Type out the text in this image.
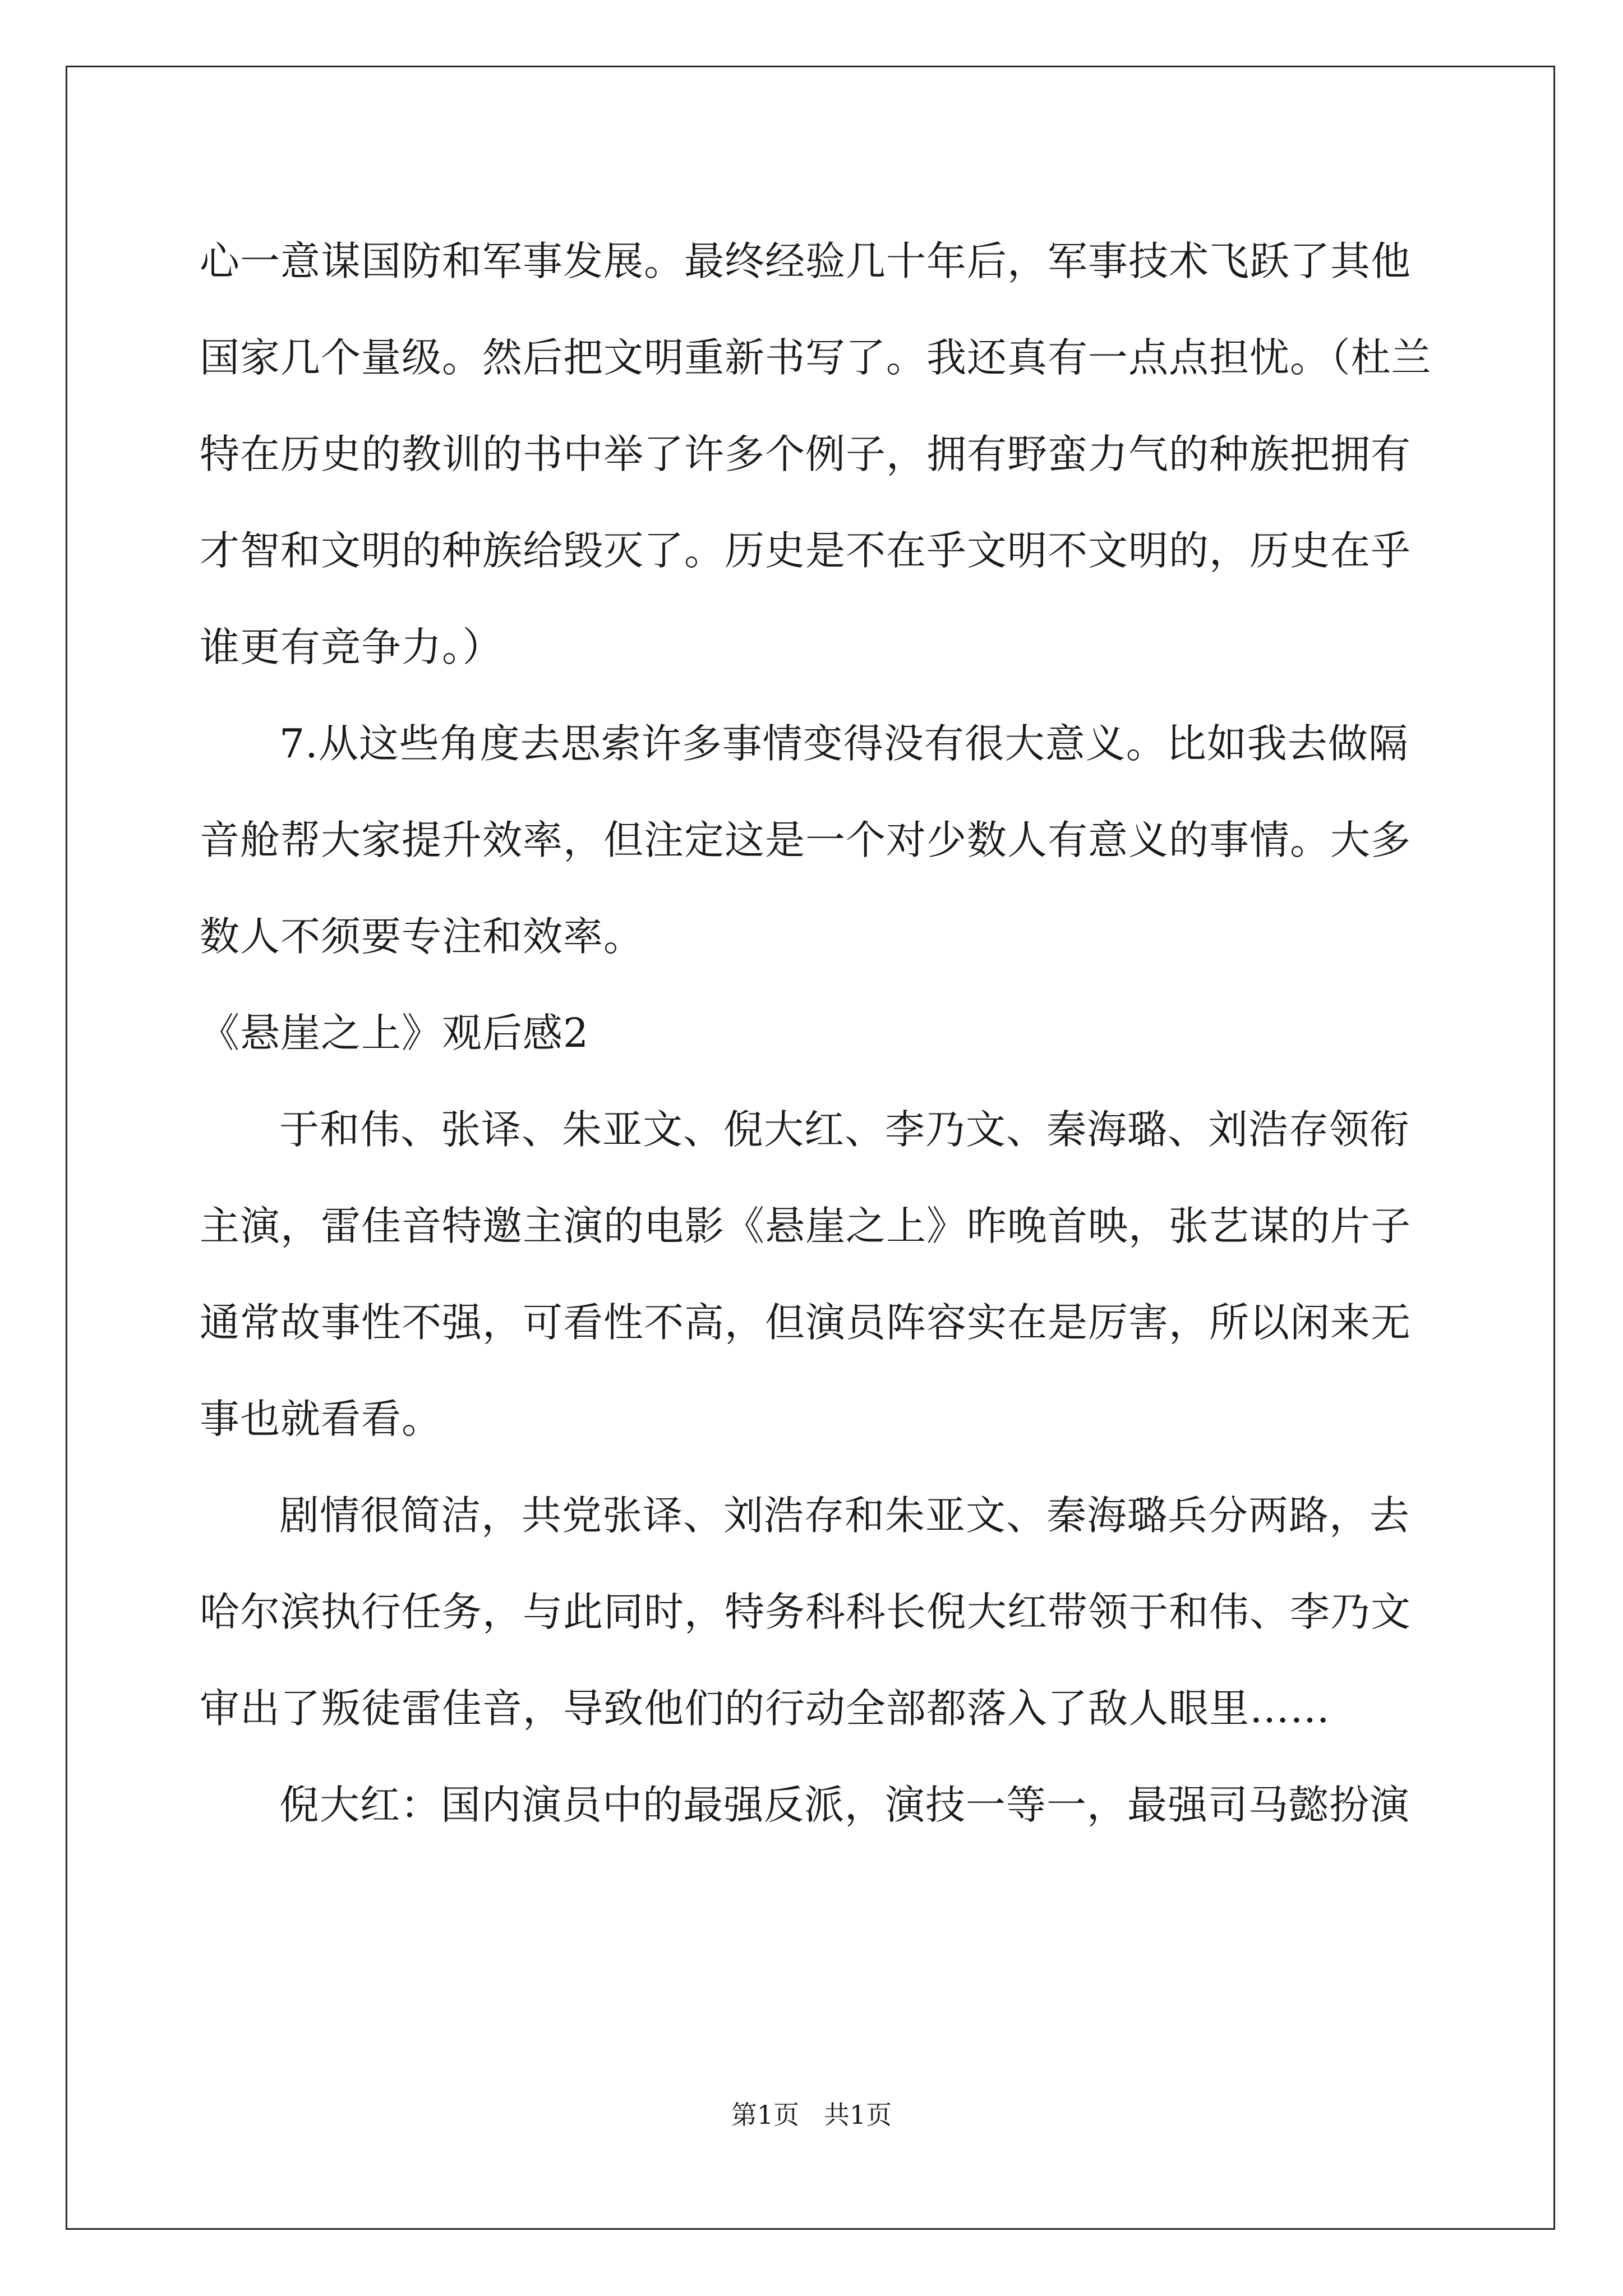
心一意谋国防和军事发展。最终经验几十年后，军事技术飞跃了其他
国家几个量级。然后把文明重新书写了。我还真有一点点担忧。（杜兰
特在历史的教训的书中举了许多个例子，拥有野蛮力气的种族把拥有
才智和文明的种族给毁灭了。历史是不在乎文明不文明的，历史在乎
谁更有竞争力。）
7.从这些角度去思索许多事情变得没有很大意义。比如我去做隔
音舱帮大家提升效率，但注定这是一个对少数人有意义的事情。大多
数人不须要专注和效率。
《悬崖之上》观后感2
于和伟、张译、朱亚文、倪大红、李乃文、秦海璐、刘浩存领衔
主演，雷佳音特邀主演的电影《悬崖之上》昨晚首映，张艺谋的片子
通常故事性不强，可看性不高，但演员阵容实在是厉害，所以闲来无
事也就看看。
剧情很简洁，共党张译、刘浩存和朱亚文、秦海璐兵分两路，去
哈尔滨执行任务，与此同时，特务科科长倪大红带领于和伟、李乃文
审出了叛徒雷佳音，导致他们的行动全部都落入了敌人眼里……
倪大红：国内演员中的最强反派，演技一等一，最强司马懿扮演
第1页   共1页
